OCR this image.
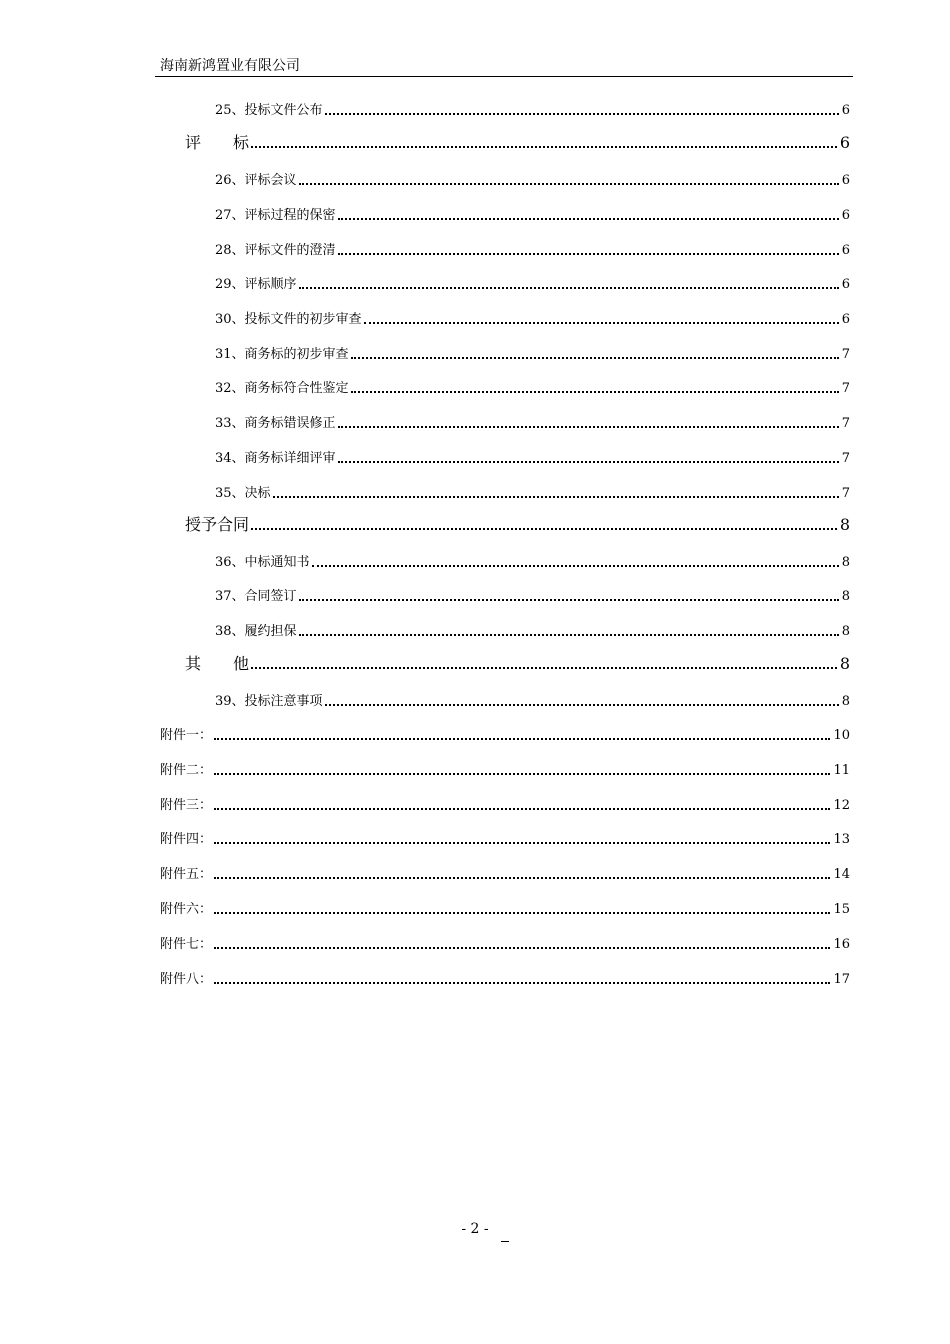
海南新鸿置业有限公司
25、投标文件公布	6
评　　标	6
26、评标会议	6
27、评标过程的保密	6
28、评标文件的澄清	6
29、评标顺序	6
30、投标文件的初步审查	6
31、商务标的初步审查	7
32、商务标符合性鉴定	7
33、商务标错误修正	7
34、商务标详细评审	7
35、决标	7
授予合同	8
36、中标通知书	8
37、合同签订	8
38、履约担保	8
其　　他	8
39、投标注意事项	8
附件一：	10
附件二：	11
附件三：	12
附件四：	13
附件五：	14
附件六：	15
附件七：	16
附件八：	17
- 2 -
